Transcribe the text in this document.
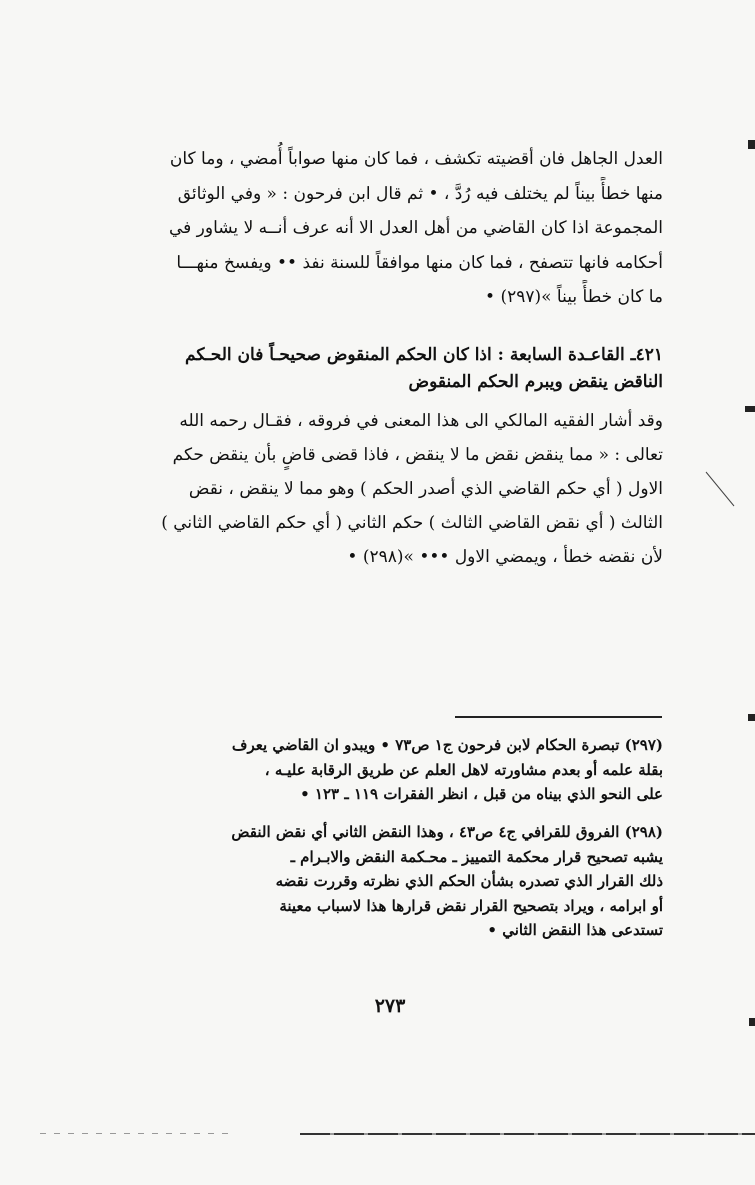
العدل الجاهل فان أقضيته تكشف ، فما كان منها صواباً أُمضي ، وما كان
منها خطأً بيناً لم يختلف فيه رُدَّ ، • ثم قال ابن فرحون : « وفي الوثائق
المجموعة اذا كان القاضي من أهل العدل الا أنه عرف أنــه لا يشاور في
أحكامه فانها تتصفح ، فما كان منها موافقاً للسنة نفذ •• ويفسخ منهـــا
ما كان خطأً بيناً »(٢٩٧) •
٤٢١ـ القاعـدة السابعة : اذا كان الحكم المنقوض صحيحـاً فان الحـكم
الناقض ينقض ويبرم الحكم المنقوض
وقد أشار الفقيه المالكي الى هذا المعنى في فروقه ، فقـال رحمه الله
تعالى : « مما ينقض نقض ما لا ينقض ، فاذا قضى قاضٍ بأن ينقض حكم
الاول ( أي حكم القاضي الذي أصدر الحكم ) وهو مما لا ينقض ، نقض
الثالث ( أي نقض القاضي الثالث ) حكم الثاني ( أي حكم القاضي الثاني )
لأن نقضه خطأ ، ويمضي الاول ••• »(٢٩٨) •
(٢٩٧) تبصرة الحكام لابن فرحون ج١ ص٧٣ • ويبدو ان القاضي يعرف
بقلة علمه أو بعدم مشاورته لاهل العلم عن طريق الرقابة عليـه ،
على النحو الذي بيناه من قبل ، انظر الفقرات ١١٩ ـ ١٢٣ •
(٢٩٨) الفروق للقرافي ج٤ ص٤٣ ، وهذا النقض الثاني أي نقض النقض
يشبه تصحيح قرار محكمة التمييز ـ محـكمة النقض والابـرام ـ
ذلك القرار الذي تصدره بشأن الحكم الذي نظرته وقررت نقضه
أو ابرامه ، ويراد بتصحيح القرار نقض قرارها هذا لاسباب معينة
تستدعى هذا النقض الثاني •
٢٧٣
